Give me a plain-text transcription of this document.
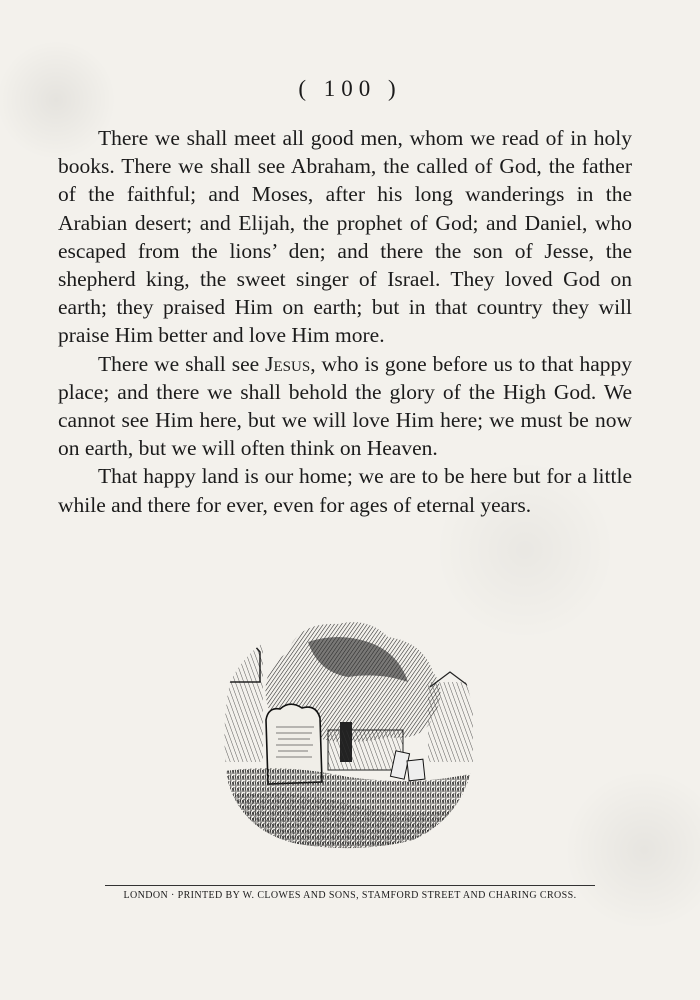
( 100 )

There we shall meet all good men, whom we read of in holy books. There we shall see Abraham, the called of God, the father of the faithful; and Moses, after his long wanderings in the Arabian desert; and Elijah, the prophet of God; and Daniel, who escaped from the lions’ den; and there the son of Jesse, the shepherd king, the sweet singer of Israel. They loved God on earth; they praised Him on earth; but in that country they will praise Him better and love Him more.

There we shall see Jesus, who is gone before us to that happy place; and there we shall behold the glory of the High God. We cannot see Him here, but we will love Him here; we must be now on earth, but we will often think on Heaven.

That happy land is our home; we are to be here but for a little while and there for ever, even for ages of eternal years.

LONDON · PRINTED BY W. CLOWES AND SONS, STAMFORD STREET AND CHARING CROSS.
